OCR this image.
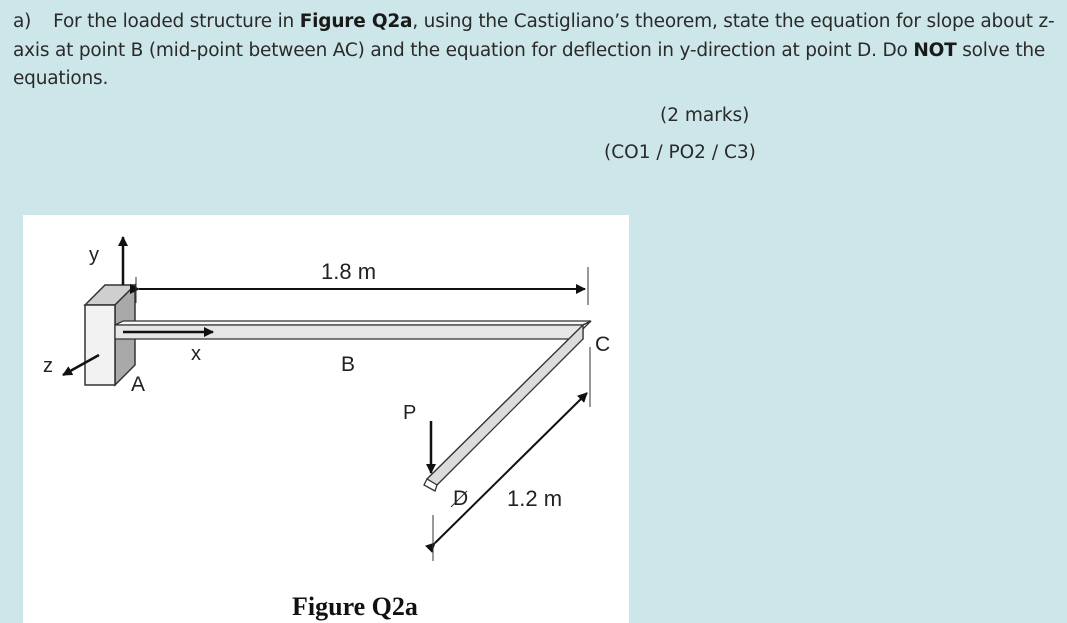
a) For the loaded structure in Figure Q2a, using the Castigliano’s theorem, state the equation for slope about z-axis at point B (mid-point between AC) and the equation for deflection in y-direction at point D. Do NOT solve the equations.
(2 marks)
(CO1 / PO2 / C3)
y
x
z
A
B
C
D
P
1.8 m
1.2 m
Figure Q2a
